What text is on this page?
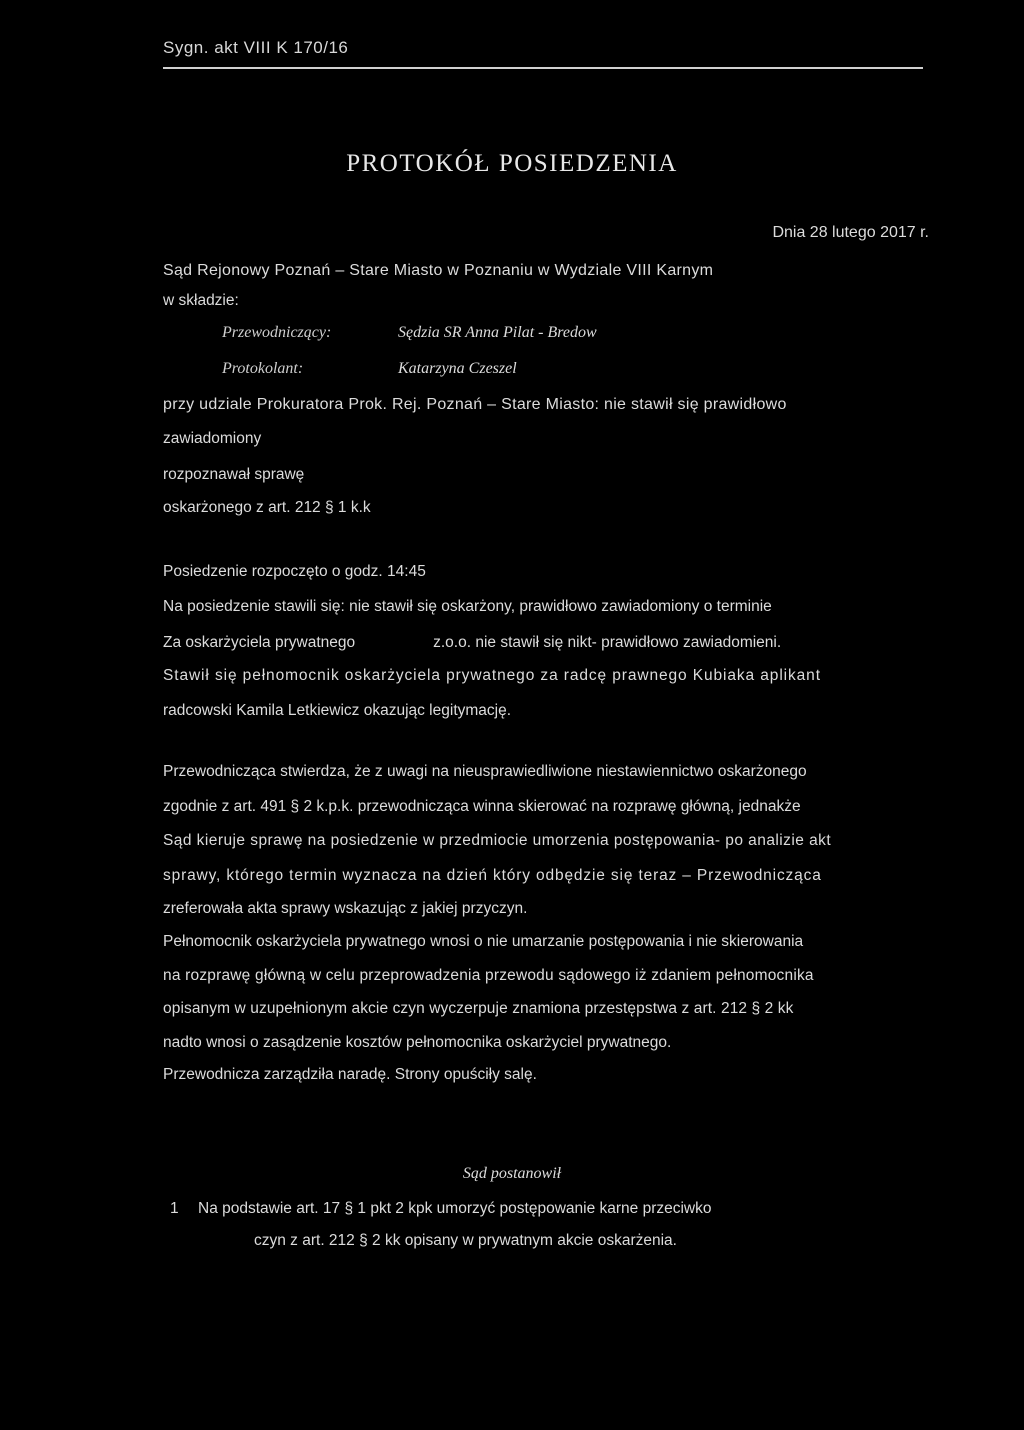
Sygn. akt VIII K 170/16
PROTOKÓŁ POSIEDZENIA
Dnia 28 lutego 2017 r.
Sąd Rejonowy Poznań – Stare Miasto w Poznaniu w Wydziale VIII Karnym
w składzie:
Przewodniczący:	Sędzia SR Anna Pilat - Bredow
Protokolant:	Katarzyna Czeszel
przy udziale Prokuratora Prok. Rej. Poznań – Stare Miasto: nie stawił się prawidłowo
zawiadomiony
rozpoznawał sprawę
oskarżonego z art. 212 § 1 k.k
Posiedzenie rozpoczęto o godz. 14:45
Na posiedzenie stawili się: nie stawił się oskarżony, prawidłowo zawiadomiony o terminie
Za oskarżyciela prywatnego	z.o.o. nie stawił się nikt- prawidłowo zawiadomieni.
Stawił się pełnomocnik oskarżyciela prywatnego za radcę prawnego Kubiaka aplikant
radcowski Kamila Letkiewicz okazując legitymację.
Przewodnicząca stwierdza, że z uwagi na nieusprawiedliwione niestawiennictwo oskarżonego
zgodnie z art. 491 § 2 k.p.k. przewodnicząca winna skierować na rozprawę główną, jednakże
Sąd kieruje sprawę na posiedzenie w przedmiocie umorzenia postępowania- po analizie akt
sprawy, którego termin wyznacza na dzień który odbędzie się teraz – Przewodnicząca
zreferowała akta sprawy wskazując z jakiej przyczyn.
Pełnomocnik oskarżyciela prywatnego wnosi o nie umarzanie postępowania i nie skierowania
na rozprawę główną w celu przeprowadzenia przewodu sądowego iż zdaniem pełnomocnika
opisanym w uzupełnionym akcie czyn wyczerpuje znamiona przestępstwa z art. 212 § 2 kk
nadto wnosi o zasądzenie kosztów pełnomocnika oskarżyciel prywatnego.
Przewodnicza zarządziła naradę. Strony opuściły salę.
Sąd postanowił
1 Na podstawie art. 17 § 1 pkt 2 kpk umorzyć postępowanie karne przeciwko
czyn z art. 212 § 2 kk opisany w prywatnym akcie oskarżenia.
